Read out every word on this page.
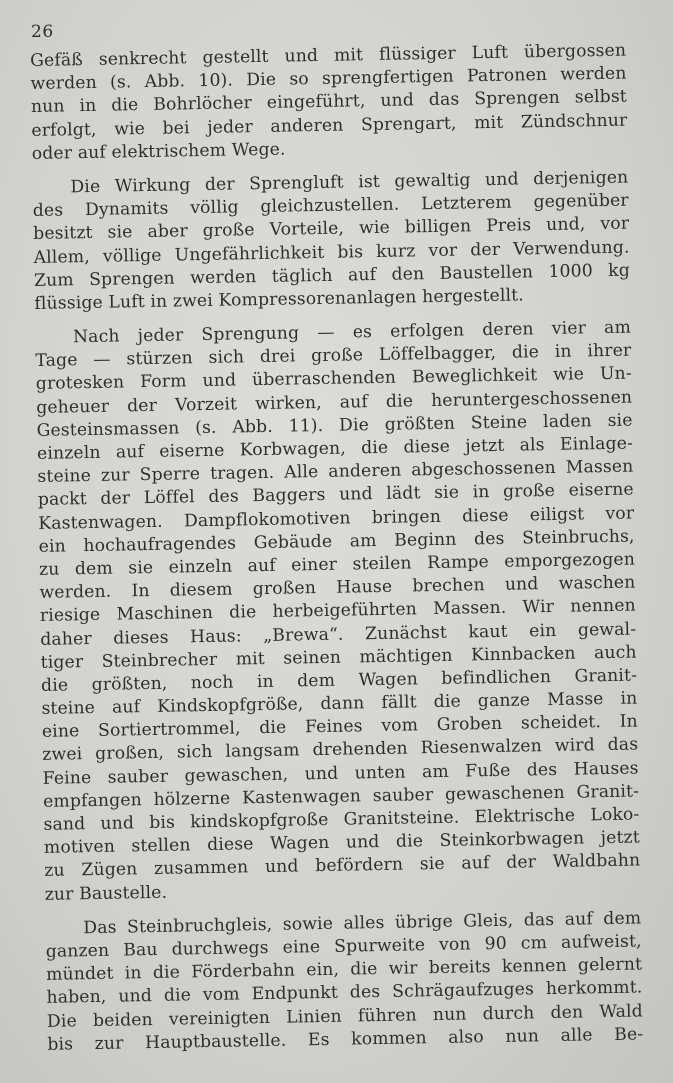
26
Gefäß senkrecht gestellt und mit flüssiger Luft übergossen
werden (s. Abb. 10). Die so sprengfertigen Patronen werden
nun in die Bohrlöcher eingeführt, und das Sprengen selbst
erfolgt, wie bei jeder anderen Sprengart, mit Zündschnur
oder auf elektrischem Wege.
Die Wirkung der Sprengluft ist gewaltig und derjenigen
des Dynamits völlig gleichzustellen. Letzterem gegenüber
besitzt sie aber große Vorteile, wie billigen Preis und, vor
Allem, völlige Ungefährlichkeit bis kurz vor der Verwendung.
Zum Sprengen werden täglich auf den Baustellen 1000 kg
flüssige Luft in zwei Kompressorenanlagen hergestellt.
Nach jeder Sprengung — es erfolgen deren vier am
Tage — stürzen sich drei große Löffelbagger, die in ihrer
grotesken Form und überraschenden Beweglichkeit wie Un-
geheuer der Vorzeit wirken, auf die heruntergeschossenen
Gesteinsmassen (s. Abb. 11). Die größten Steine laden sie
einzeln auf eiserne Korbwagen, die diese jetzt als Einlage-
steine zur Sperre tragen. Alle anderen abgeschossenen Massen
packt der Löffel des Baggers und lädt sie in große eiserne
Kastenwagen. Dampflokomotiven bringen diese eiligst vor
ein hochaufragendes Gebäude am Beginn des Steinbruchs,
zu dem sie einzeln auf einer steilen Rampe emporgezogen
werden. In diesem großen Hause brechen und waschen
riesige Maschinen die herbeigeführten Massen. Wir nennen
daher dieses Haus: „Brewa“. Zunächst kaut ein gewal-
tiger Steinbrecher mit seinen mächtigen Kinnbacken auch
die größten, noch in dem Wagen befindlichen Granit-
steine auf Kindskopfgröße, dann fällt die ganze Masse in
eine Sortiertrommel, die Feines vom Groben scheidet. In
zwei großen, sich langsam drehenden Riesenwalzen wird das
Feine sauber gewaschen, und unten am Fuße des Hauses
empfangen hölzerne Kastenwagen sauber gewaschenen Granit-
sand und bis kindskopfgroße Granitsteine. Elektrische Loko-
motiven stellen diese Wagen und die Steinkorbwagen jetzt
zu Zügen zusammen und befördern sie auf der Waldbahn
zur Baustelle.
Das Steinbruchgleis, sowie alles übrige Gleis, das auf dem
ganzen Bau durchwegs eine Spurweite von 90 cm aufweist,
mündet in die Förderbahn ein, die wir bereits kennen gelernt
haben, und die vom Endpunkt des Schrägaufzuges herkommt.
Die beiden vereinigten Linien führen nun durch den Wald
bis zur Hauptbaustelle. Es kommen also nun alle Be-
